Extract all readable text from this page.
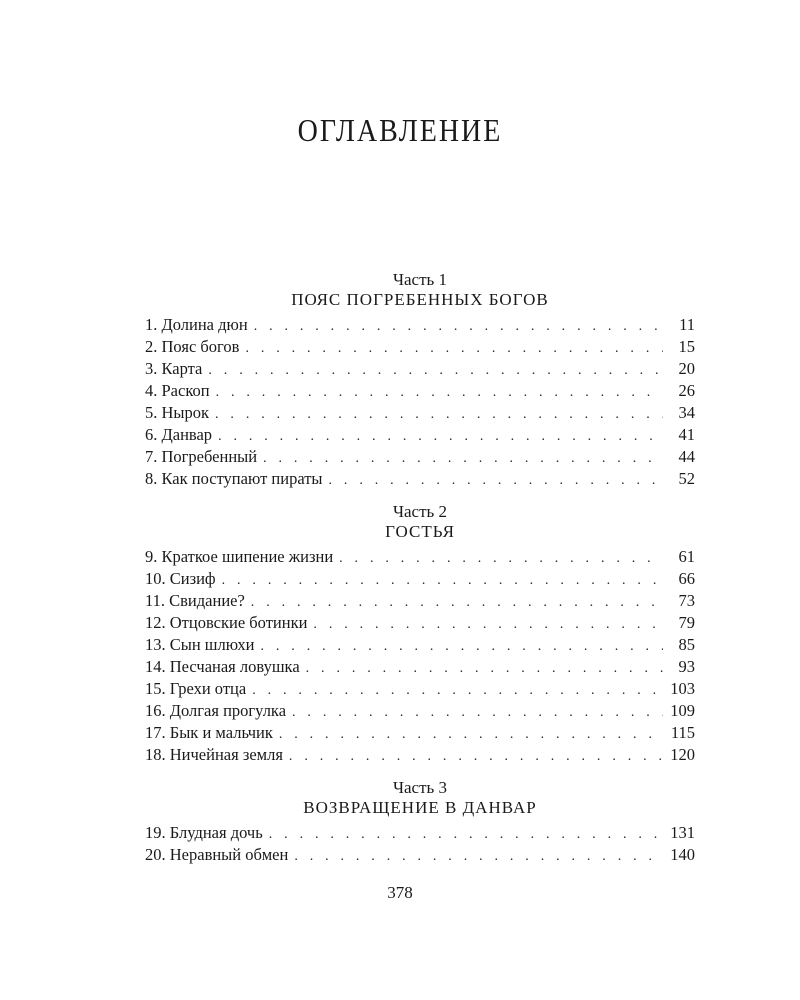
ОГЛАВЛЕНИЕ
Часть 1
ПОЯС ПОГРЕБЕННЫХ БОГОВ
1. Долина дюн . . .	11
2. Пояс богов . . .	15
3. Карта . . .	20
4. Раскоп . . .	26
5. Нырок . . .	34
6. Данвар . . .	41
7. Погребенный . . .	44
8. Как поступают пираты . . .	52
Часть 2
ГОСТЬЯ
9. Краткое шипение жизни . . .	61
10. Сизиф . . .	66
11. Свидание? . . .	73
12. Отцовские ботинки . . .	79
13. Сын шлюхи . . .	85
14. Песчаная ловушка . . .	93
15. Грехи отца . . .	103
16. Долгая прогулка . . .	109
17. Бык и мальчик . . .	115
18. Ничейная земля . . .	120
Часть 3
ВОЗВРАЩЕНИЕ В ДАНВАР
19. Блудная дочь . . .	131
20. Неравный обмен . . .	140
378
